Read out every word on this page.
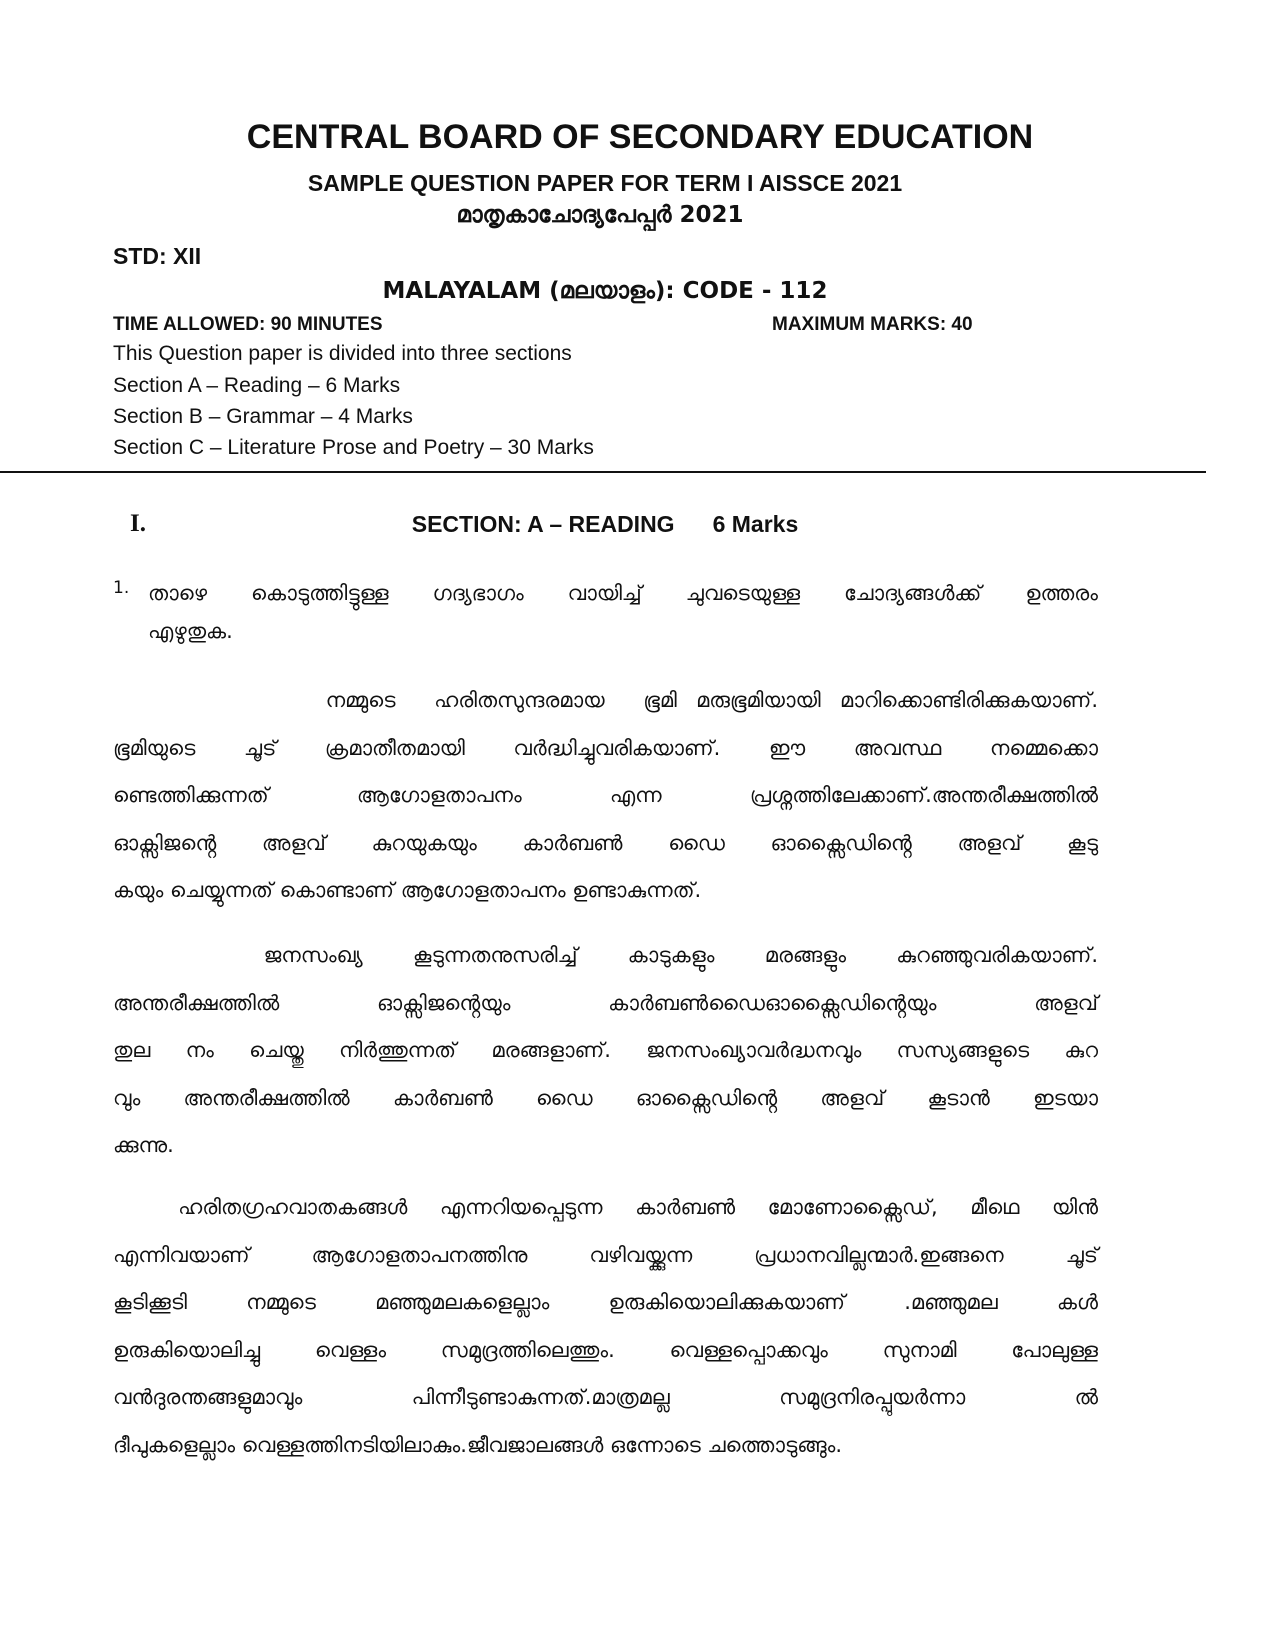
CENTRAL BOARD OF SECONDARY EDUCATION
SAMPLE QUESTION PAPER FOR TERM I AISSCE 2021
മാതൃകാചോദ്യപേപ്പർ 2021
STD: XII
MALAYALAM (മലയാളം): CODE - 112
TIME ALLOWED: 90 MINUTES	MAXIMUM MARKS: 40
This Question paper is divided into three sections
Section A – Reading – 6 Marks
Section B – Grammar – 4 Marks
Section C – Literature Prose and Poetry – 30 Marks
I.	SECTION: A – READING 6 Marks
1. താഴെ കൊടുത്തിട്ടുള്ള ഗദ്യഭാഗം വായിച്ച് ചുവടെയുള്ള ചോദ്യങ്ങൾക്ക് ഉത്തരം
എഴുതുക.
നമ്മുടെ  ഹരിതസുന്ദരമായ  ഭൂമി മരുഭൂമിയായി മാറിക്കൊണ്ടിരിക്കുകയാണ്.
ഭൂമിയുടെ ചൂട് ക്രമാതീതമായി വർദ്ധിച്ചുവരികയാണ്. ഈ അവസ്ഥ നമ്മെക്കൊ
ണ്ടെത്തിക്കുന്നത് ആഗോളതാപനം എന്ന പ്രശ്നത്തിലേക്കാണ്.അന്തരീക്ഷത്തിൽ
ഓക്സിജൻ്റെ അളവ് കുറയുകയും കാർബൺ ഡൈ ഓക്സൈഡിൻ്റെ അളവ് കൂടു
കയും ചെയ്യുന്നത് കൊണ്ടാണ് ആഗോളതാപനം ഉണ്ടാകുന്നത്.
ജനസംഖ്യ കൂടുന്നതനുസരിച്ച് കാടുകളും മരങ്ങളും കുറഞ്ഞുവരികയാണ്.
അന്തരീക്ഷത്തിൽ ഓക്സിജൻ്റെയും കാർബൺഡൈഓക്സൈഡിൻ്റെയും അളവ്
തുല നം ചെയ്തു നിർത്തുന്നത് മരങ്ങളാണ്. ജനസംഖ്യാവർദ്ധനവും സസ്യങ്ങളുടെ കുറ
വും അന്തരീക്ഷത്തിൽ കാർബൺ ഡൈ ഓക്സൈഡിൻ്റെ അളവ് കൂടാൻ ഇടയാ
ക്കുന്നു.
ഹരിതഗ്രഹവാതകങ്ങൾ എന്നറിയപ്പെടുന്ന കാർബൺ മോണോക്സൈഡ്, മീഥെ യിൻ
എന്നിവയാണ് ആഗോളതാപനത്തിനു വഴിവയ്ക്കുന്ന പ്രധാനവില്ലന്മാർ.ഇങ്ങനെ ചൂട്
കൂടിക്കൂടി നമ്മുടെ മഞ്ഞുമലകളെല്ലാം ഉരുകിയൊലിക്കുകയാണ് .മഞ്ഞുമല കൾ
ഉരുകിയൊലിച്ചു വെള്ളം സമുദ്രത്തിലെത്തും. വെള്ളപ്പൊക്കവും സുനാമി പോലുള്ള
വൻദുരന്തങ്ങളുമാവും പിന്നീടുണ്ടാകുന്നത്.മാത്രമല്ല സമുദ്രനിരപ്പുയർന്നാ ൽ
ദീപുകളെല്ലാം വെള്ളത്തിനടിയിലാകും.ജീവജാലങ്ങൾ ഒന്നോടെ ചത്തൊടുങ്ങും.
